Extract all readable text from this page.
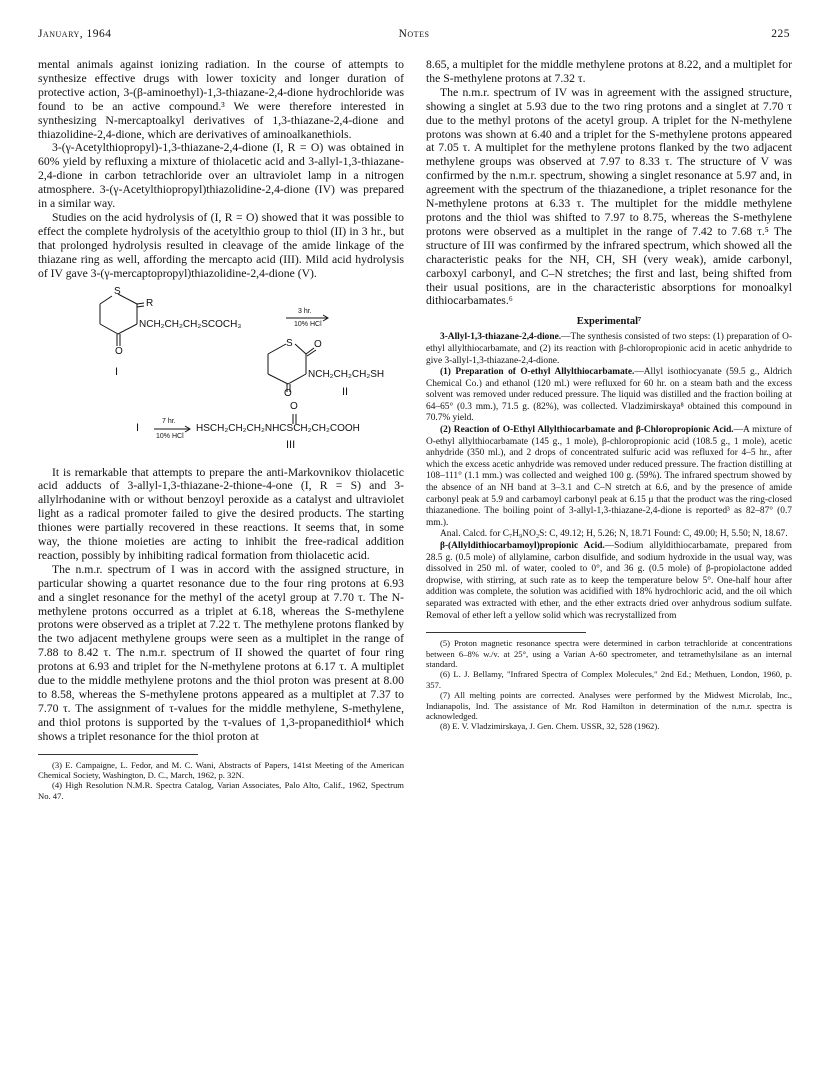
January, 1964	Notes	225

mental animals against ionizing radiation. In the course of attempts to synthesize effective drugs with lower toxicity and longer duration of protective action, 3-(β-aminoethyl)-1,3-thiazane-2,4-dione hydrochloride was found to be an active compound.³ We were therefore interested in synthesizing N-mercaptoalkyl derivatives of 1,3-thiazane-2,4-dione and thiazolidine-2,4-dione, which are derivatives of aminoalkanethiols.

3-(γ-Acetylthiopropyl)-1,3-thiazane-2,4-dione (I, R = O) was obtained in 60% yield by refluxing a mixture of thiolacetic acid and 3-allyl-1,3-thiazane-2,4-dione in carbon tetrachloride over an ultraviolet lamp in a nitrogen atmosphere. 3-(γ-Acetylthiopropyl)thiazolidine-2,4-dione (IV) was prepared in a similar way.

Studies on the acid hydrolysis of (I, R = O) showed that it was possible to effect the complete hydrolysis of the acetylthio group to thiol (II) in 3 hr., but that prolonged hydrolysis resulted in cleavage of the amide linkage of the thiazane ring as well, affording the mercapto acid (III). Mild acid hydrolysis of IV gave 3-(γ-mercaptopropyl)thiazolidine-2,4-dione (V).

S
R
NCH₂CH₂CH₂SCOCH₃
O
I
3 hr.
10% HCl
S O
NCH₂CH₂CH₂SH
O	II
I
7 hr.
10% HCl
O
HSCH₂CH₂CH₂NHCSCH₂CH₂COOH
III

It is remarkable that attempts to prepare the anti-Markovnikov thiolacetic acid adducts of 3-allyl-1,3-thiazane-2-thione-4-one (I, R = S) and 3-allylrhodanine with or without benzoyl peroxide as a catalyst and ultraviolet light as a radical promoter failed to give the desired products. The starting thiones were partially recovered in these reactions. It seems that, in some way, the thione moieties are acting to inhibit the free-radical addition reaction, possibly by inhibiting radical formation from thiolacetic acid.

The n.m.r. spectrum of I was in accord with the assigned structure, in particular showing a quartet resonance due to the four ring protons at 6.93 and a singlet resonance for the methyl of the acetyl group at 7.70 τ. The N-methylene protons occurred as a triplet at 6.18, whereas the S-methylene protons were observed as a triplet at 7.22 τ. The methylene protons flanked by the two adjacent methylene groups were seen as a multiplet in the range of 7.88 to 8.42 τ. The n.m.r. spectrum of II showed the quartet of four ring protons at 6.93 and triplet for the N-methylene protons at 6.17 τ. A multiplet due to the middle methylene protons and the thiol proton was present at 8.00 to 8.58, whereas the S-methylene protons appeared as a multiplet at 7.37 to 7.70 τ. The assignment of τ-values for the middle methylene, S-methylene, and thiol protons is supported by the τ-values of 1,3-propanedithiol⁴ which shows a triplet resonance for the thiol proton at

(3) E. Campaigne, L. Fedor, and M. C. Wani, Abstracts of Papers, 141st Meeting of the American Chemical Society, Washington, D. C., March, 1962, p. 32N.

(4) High Resolution N.M.R. Spectra Catalog, Varian Associates, Palo Alto, Calif., 1962, Spectrum No. 47.

8.65, a multiplet for the middle methylene protons at 8.22, and a multiplet for the S-methylene protons at 7.32 τ.

The n.m.r. spectrum of IV was in agreement with the assigned structure, showing a singlet at 5.93 due to the two ring protons and a singlet at 7.70 τ due to the methyl protons of the acetyl group. A triplet for the N-methylene protons was shown at 6.40 and a triplet for the S-methylene protons appeared at 7.05 τ. A multiplet for the methylene protons flanked by the two adjacent methylene groups was observed at 7.97 to 8.33 τ. The structure of V was confirmed by the n.m.r. spectrum, showing a singlet resonance at 5.97 and, in agreement with the spectrum of the thiazanedione, a triplet resonance for the N-methylene protons at 6.33 τ. The multiplet for the middle methylene protons and the thiol was shifted to 7.97 to 8.75, whereas the S-methylene protons were observed as a multiplet in the range of 7.42 to 7.68 τ.⁵ The structure of III was confirmed by the infrared spectrum, which showed all the characteristic peaks for the NH, CH, SH (very weak), amide carbonyl, carboxyl carbonyl, and C–N stretches; the first and last, being shifted from their usual positions, are in the characteristic absorptions for monoalkyl dithiocarbamates.⁶

Experimental⁷

3-Allyl-1,3-thiazane-2,4-dione.—The synthesis consisted of two steps: (1) preparation of O-ethyl allylthiocarbamate, and (2) its reaction with β-chloropropionic acid in acetic anhydride to give 3-allyl-1,3-thiazane-2,4-dione.

(1) Preparation of O-ethyl Allylthiocarbamate.—Allyl isothiocyanate (59.5 g., Aldrich Chemical Co.) and ethanol (120 ml.) were refluxed for 60 hr. on a steam bath and the excess solvent was removed under reduced pressure. The liquid was distilled and the fraction boiling at 64–65° (0.3 mm.), 71.5 g. (82%), was collected. Vladzimirskaya⁸ obtained this compound in 70.7% yield.

(2) Reaction of O-Ethyl Allylthiocarbamate and β-Chloropropionic Acid.—A mixture of O-ethyl allylthiocarbamate (145 g., 1 mole), β-chloropropionic acid (108.5 g., 1 mole), acetic anhydride (350 ml.), and 2 drops of concentrated sulfuric acid was refluxed for 4–5 hr., after which the excess acetic anhydride was removed under reduced pressure. The fraction distilling at 108–111° (1.1 mm.) was collected and weighed 100 g. (59%). The infrared spectrum showed by the absence of an NH band at 3–3.1 and C–N stretch at 6.6, and by the presence of amide carbonyl peak at 5.9 and carbamoyl carbonyl peak at 6.15 μ that the product was the ring-closed thiazanedione. The boiling point of 3-allyl-1,3-thiazane-2,4-dione is reported³ as 82–87° (0.7 mm.).

Anal. Calcd. for C₇H₉NO₂S: C, 49.12; H, 5.26; N, 18.71 Found: C, 49.00; H, 5.50; N, 18.67.

β-(Allyldithiocarbamoyl)propionic Acid.—Sodium allyldithiocarbamate, prepared from 28.5 g. (0.5 mole) of allylamine, carbon disulfide, and sodium hydroxide in the usual way, was dissolved in 250 ml. of water, cooled to 0°, and 36 g. (0.5 mole) of β-propiolactone added dropwise, with stirring, at such rate as to keep the temperature below 5°. One-half hour after addition was complete, the solution was acidified with 18% hydrochloric acid, and the oil which separated was extracted with ether, and the ether extracts dried over anhydrous sodium sulfate. Removal of ether left a yellow solid which was recrystallized from

(5) Proton magnetic resonance spectra were determined in carbon tetrachloride at concentrations between 6–8% w./v. at 25°, using a Varian A-60 spectrometer, and tetramethylsilane as an internal standard.

(6) L. J. Bellamy, "Infrared Spectra of Complex Molecules," 2nd Ed.; Methuen, London, 1960, p. 357.

(7) All melting points are corrected. Analyses were performed by the Midwest Microlab, Inc., Indianapolis, Ind. The assistance of Mr. Rod Hamilton in determination of the n.m.r. spectra is acknowledged.

(8) E. V. Vladzimirskaya, J. Gen. Chem. USSR, 32, 528 (1962).
